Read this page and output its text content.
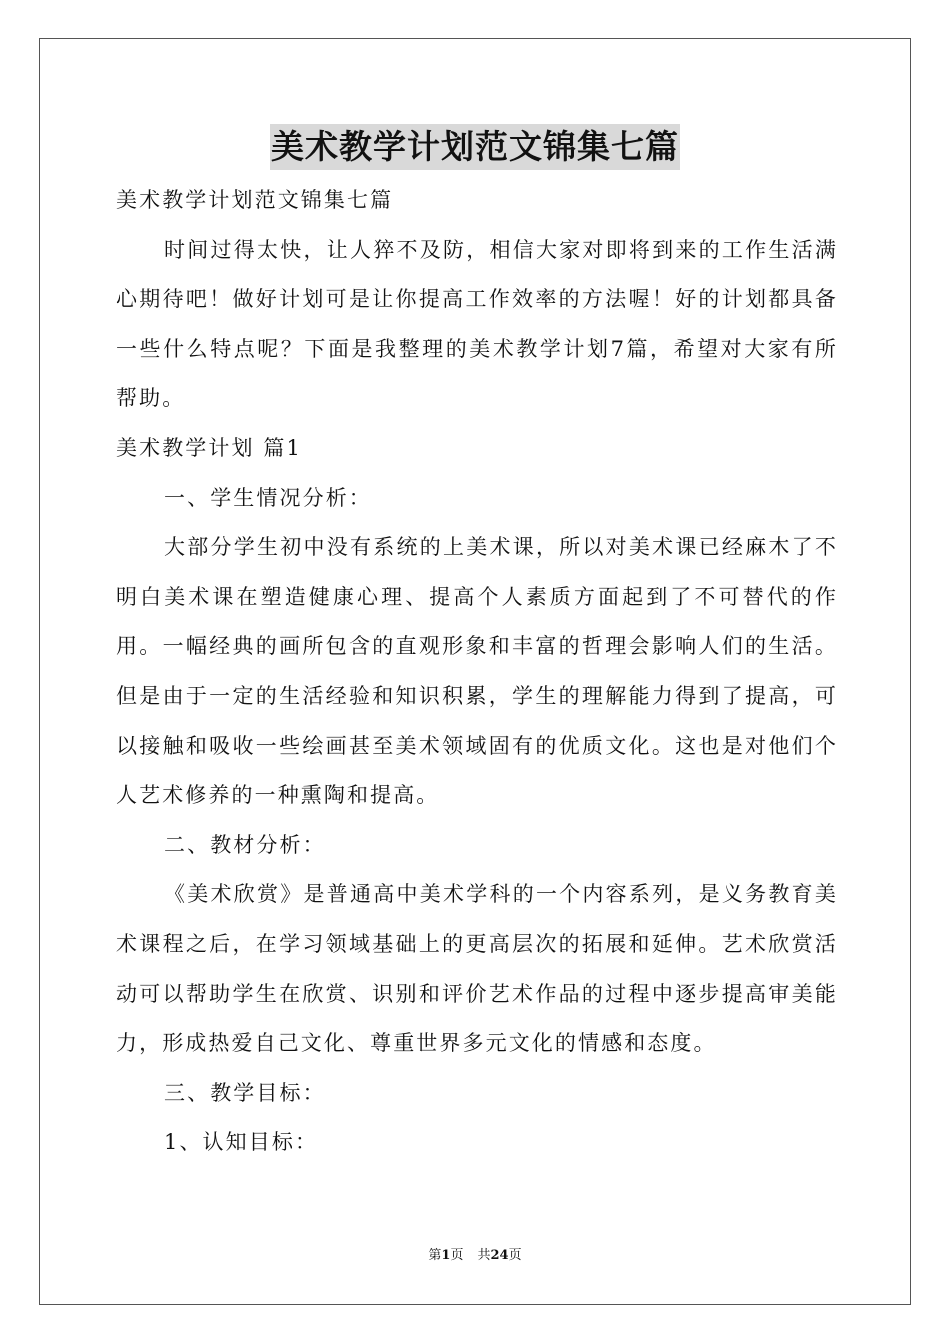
美术教学计划范文锦集七篇

美术教学计划范文锦集七篇

时间过得太快，让人猝不及防，相信大家对即将到来的工作生活满心期待吧！做好计划可是让你提高工作效率的方法喔！好的计划都具备一些什么特点呢？下面是我整理的美术教学计划7篇，希望对大家有所帮助。

美术教学计划 篇1

一、学生情况分析：

大部分学生初中没有系统的上美术课，所以对美术课已经麻木了不明白美术课在塑造健康心理、提高个人素质方面起到了不可替代的作用。一幅经典的画所包含的直观形象和丰富的哲理会影响人们的生活。但是由于一定的生活经验和知识积累，学生的理解能力得到了提高，可以接触和吸收一些绘画甚至美术领域固有的优质文化。这也是对他们个人艺术修养的一种熏陶和提高。

二、教材分析：

《美术欣赏》是普通高中美术学科的一个内容系列，是义务教育美术课程之后，在学习领域基础上的更高层次的拓展和延伸。艺术欣赏活动可以帮助学生在欣赏、识别和评价艺术作品的过程中逐步提高审美能力，形成热爱自己文化、尊重世界多元文化的情感和态度。

三、教学目标：

1、认知目标：

第1页 共24页
